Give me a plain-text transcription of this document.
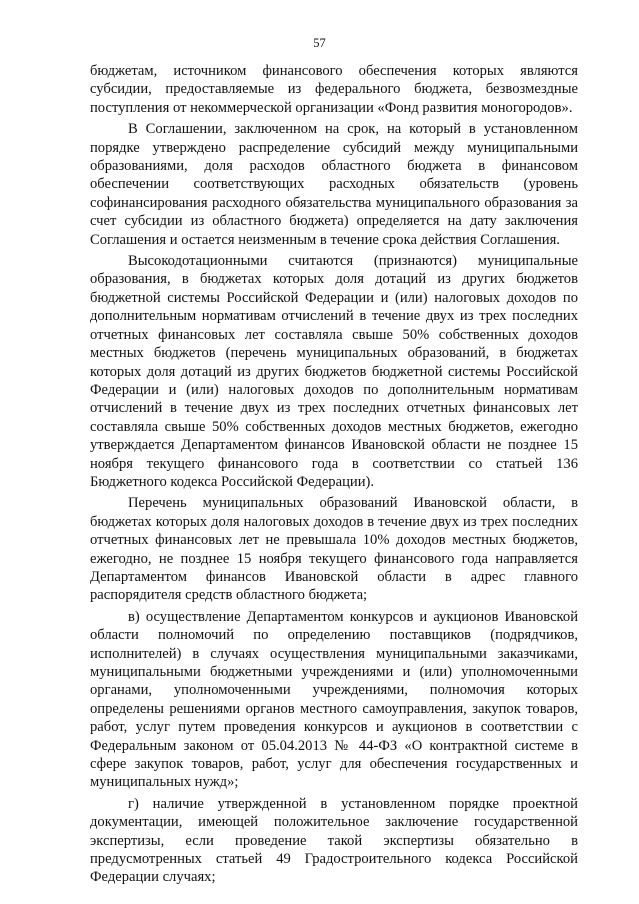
57

бюджетам, источником финансового обеспечения которых являются субсидии, предоставляемые из федерального бюджета, безвозмездные поступления от некоммерческой организации «Фонд развития моногородов».

В Соглашении, заключенном на срок, на который в установленном порядке утверждено распределение субсидий между муниципальными образованиями, доля расходов областного бюджета в финансовом обеспечении соответствующих расходных обязательств (уровень софинансирования расходного обязательства муниципального образования за счет субсидии из областного бюджета) определяется на дату заключения Соглашения и остается неизменным в течение срока действия Соглашения.

Высокодотационными считаются (признаются) муниципальные образования, в бюджетах которых доля дотаций из других бюджетов бюджетной системы Российской Федерации и (или) налоговых доходов по дополнительным нормативам отчислений в течение двух из трех последних отчетных финансовых лет составляла свыше 50% собственных доходов местных бюджетов (перечень муниципальных образований, в бюджетах которых доля дотаций из других бюджетов бюджетной системы Российской Федерации и (или) налоговых доходов по дополнительным нормативам отчислений в течение двух из трех последних отчетных финансовых лет составляла свыше 50% собственных доходов местных бюджетов, ежегодно утверждается Департаментом финансов Ивановской области не позднее 15 ноября текущего финансового года в соответствии со статьей 136 Бюджетного кодекса Российской Федерации).

Перечень муниципальных образований Ивановской области, в бюджетах которых доля налоговых доходов в течение двух из трех последних отчетных финансовых лет не превышала 10% доходов местных бюджетов, ежегодно, не позднее 15 ноября текущего финансового года направляется Департаментом финансов Ивановской области в адрес главного распорядителя средств областного бюджета;

в) осуществление Департаментом конкурсов и аукционов Ивановской области полномочий по определению поставщиков (подрядчиков, исполнителей) в случаях осуществления муниципальными заказчиками, муниципальными бюджетными учреждениями и (или) уполномоченными органами, уполномоченными учреждениями, полномочия которых определены решениями органов местного самоуправления, закупок товаров, работ, услуг путем проведения конкурсов и аукционов в соответствии с Федеральным законом от 05.04.2013 № 44-ФЗ «О контрактной системе в сфере закупок товаров, работ, услуг для обеспечения государственных и муниципальных нужд»;

г) наличие утвержденной в установленном порядке проектной документации, имеющей положительное заключение государственной экспертизы, если проведение такой экспертизы обязательно в предусмотренных статьей 49 Градостроительного кодекса Российской Федерации случаях;
